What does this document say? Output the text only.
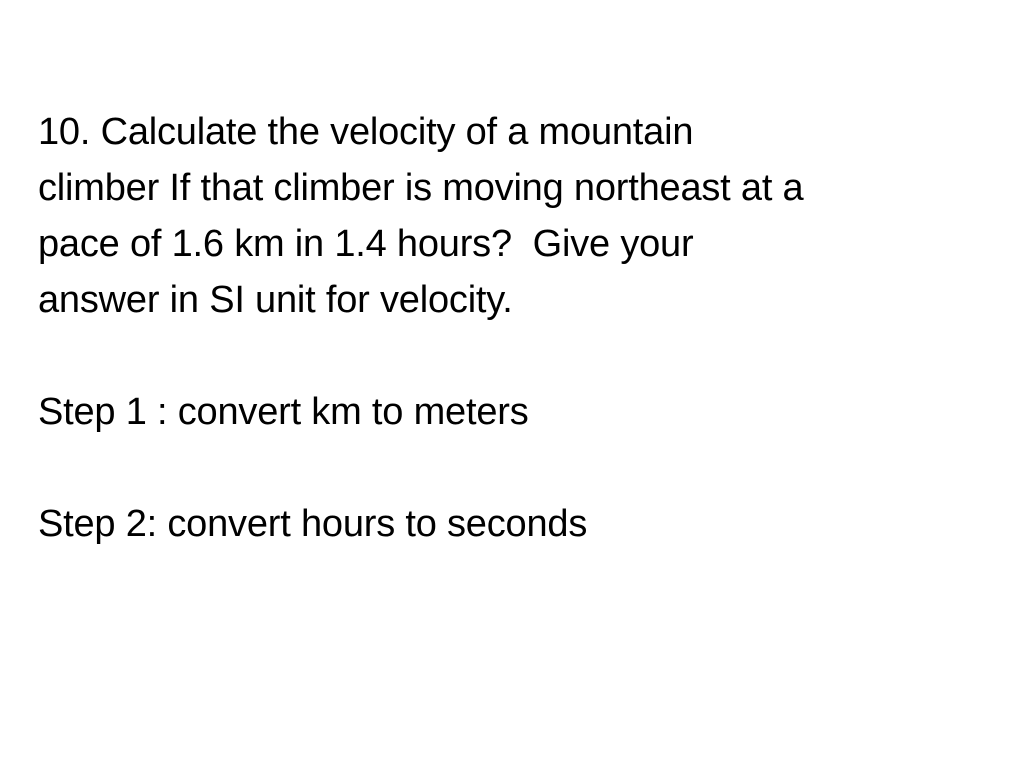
10. Calculate the velocity of a mountain
climber If that climber is moving northeast at a
pace of 1.6 km in 1.4 hours?  Give your
answer in SI unit for velocity.
Step 1 : convert km to meters
Step 2: convert hours to seconds
